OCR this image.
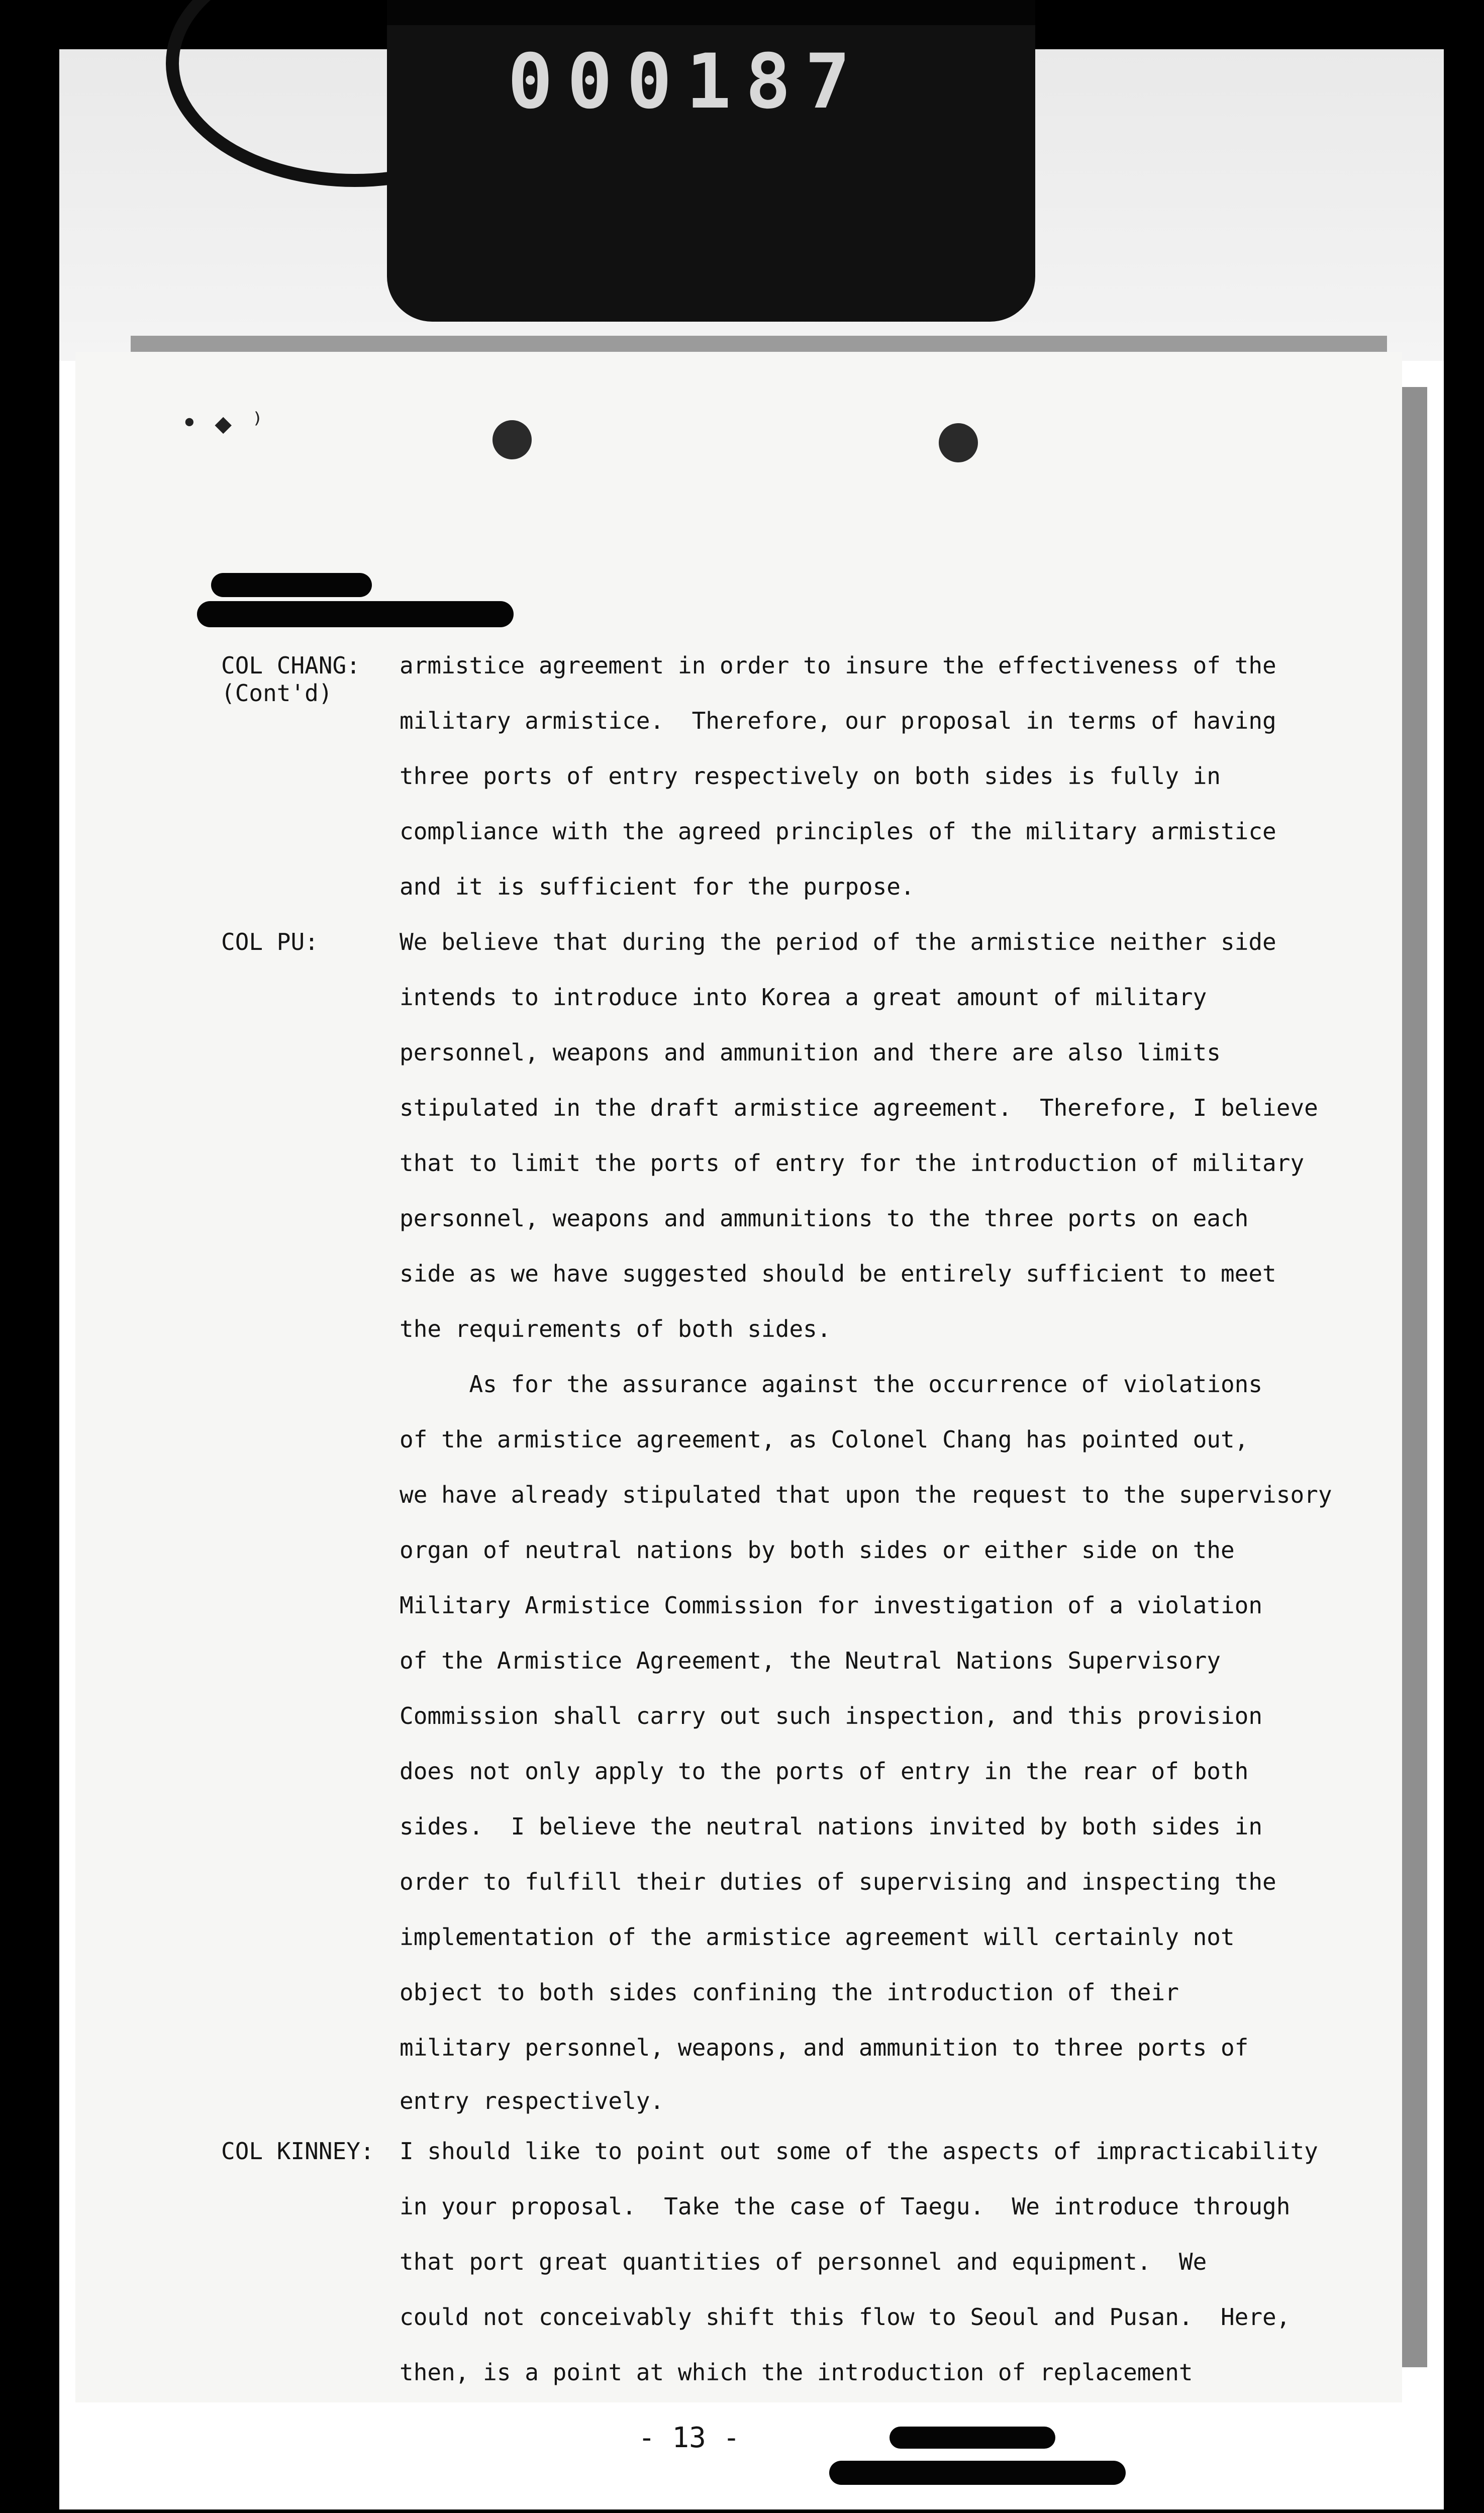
000187
• ◆ ⁾
COL CHANG:
(Cont'd)
COL PU:
COL KINNEY:
armistice agreement in order to insure the effectiveness of the
military armistice.  Therefore, our proposal in terms of having
three ports of entry respectively on both sides is fully in
compliance with the agreed principles of the military armistice
and it is sufficient for the purpose.
We believe that during the period of the armistice neither side
intends to introduce into Korea a great amount of military
personnel, weapons and ammunition and there are also limits
stipulated in the draft armistice agreement.  Therefore, I believe
that to limit the ports of entry for the introduction of military
personnel, weapons and ammunitions to the three ports on each
side as we have suggested should be entirely sufficient to meet
the requirements of both sides.
As for the assurance against the occurrence of violations
of the armistice agreement, as Colonel Chang has pointed out,
we have already stipulated that upon the request to the supervisory
organ of neutral nations by both sides or either side on the
Military Armistice Commission for investigation of a violation
of the Armistice Agreement, the Neutral Nations Supervisory
Commission shall carry out such inspection, and this provision
does not only apply to the ports of entry in the rear of both
sides.  I believe the neutral nations invited by both sides in
order to fulfill their duties of supervising and inspecting the
implementation of the armistice agreement will certainly not
object to both sides confining the introduction of their
military personnel, weapons, and ammunition to three ports of
entry respectively.
I should like to point out some of the aspects of impracticability
in your proposal.  Take the case of Taegu.  We introduce through
that port great quantities of personnel and equipment.  We
could not conceivably shift this flow to Seoul and Pusan.  Here,
then, is a point at which the introduction of replacement
- 13 -
